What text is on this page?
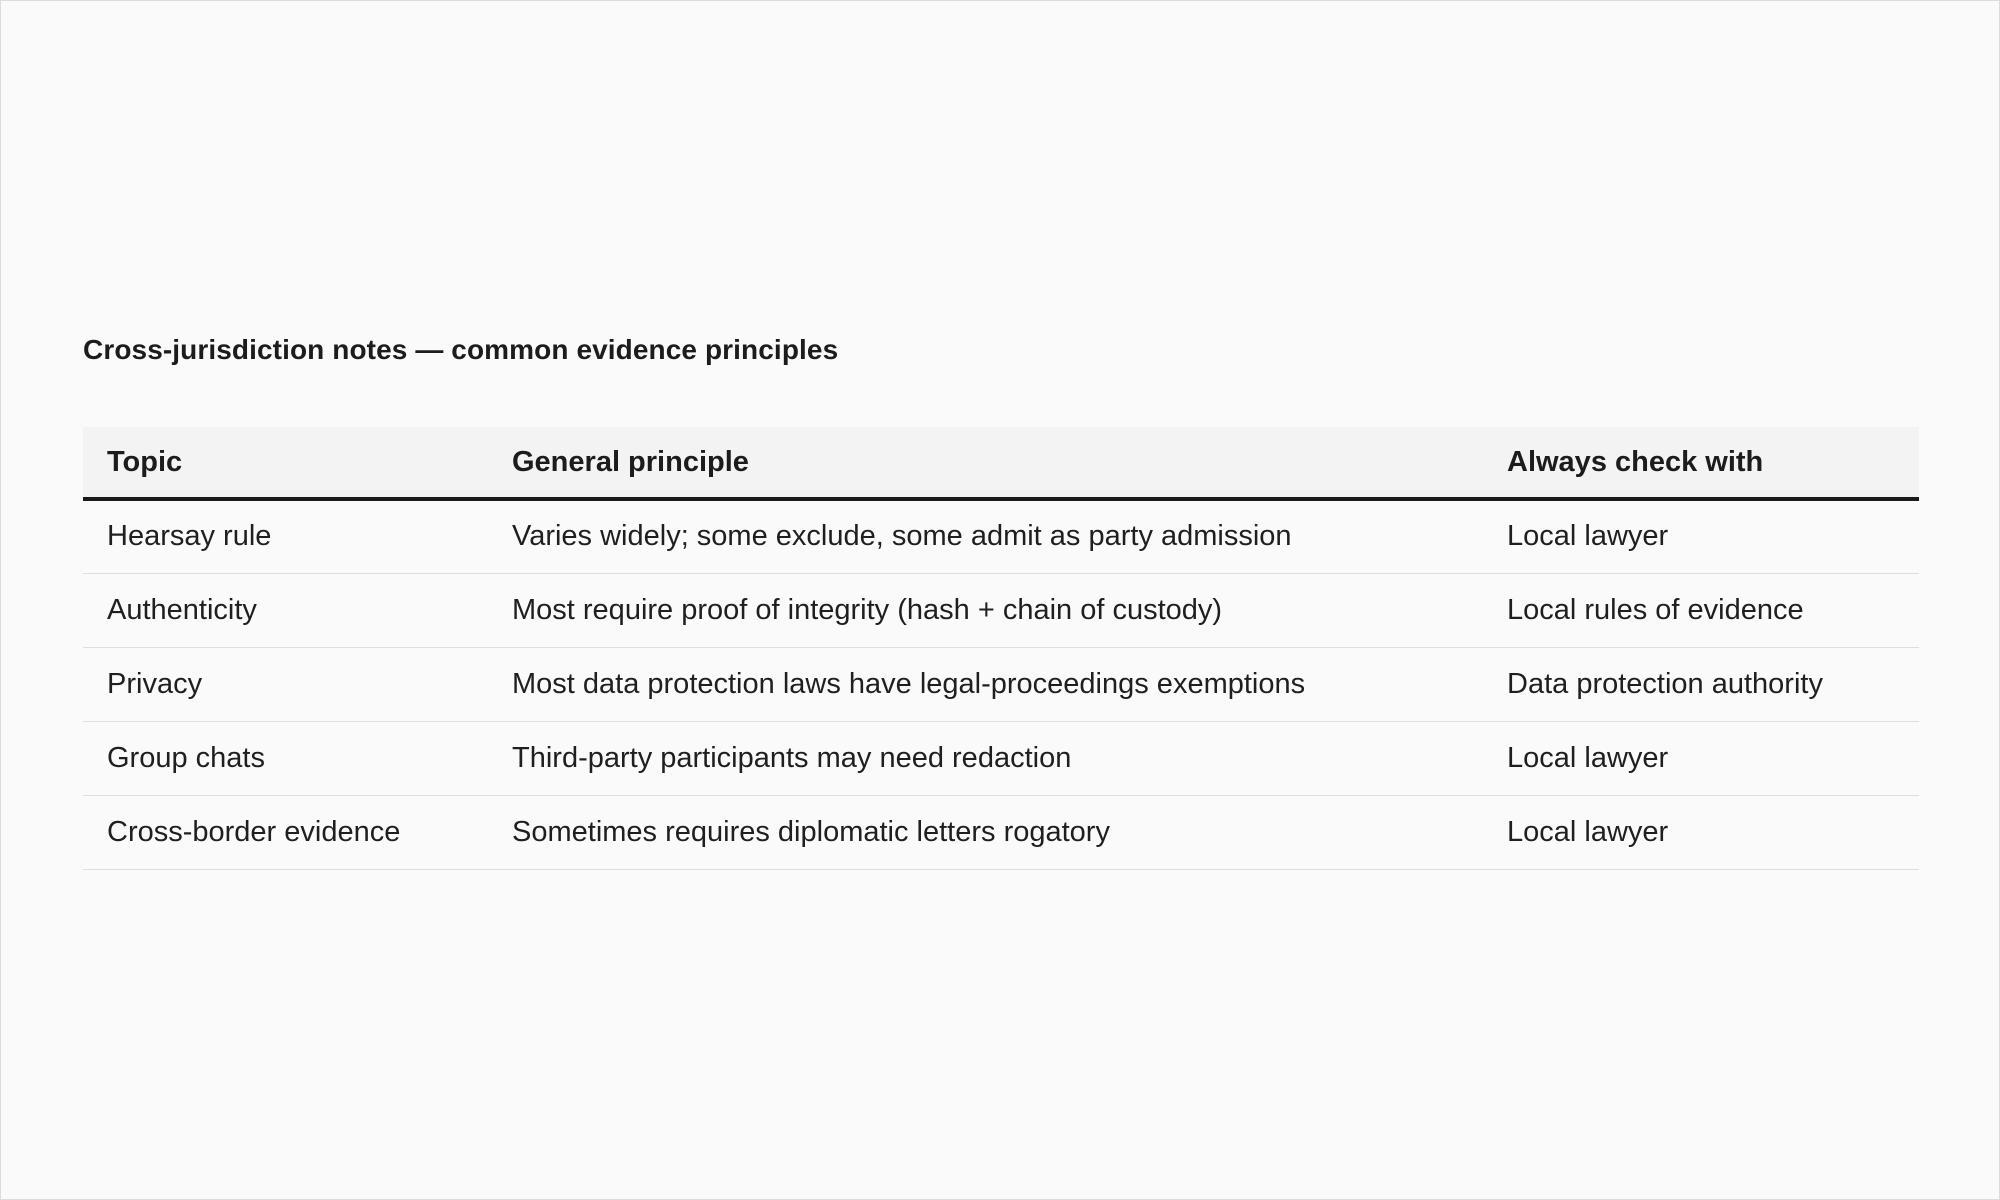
Cross-jurisdiction notes — common evidence principles
Topic	General principle	Always check with
Hearsay rule	Varies widely; some exclude, some admit as party admission	Local lawyer
Authenticity	Most require proof of integrity (hash + chain of custody)	Local rules of evidence
Privacy	Most data protection laws have legal-proceedings exemptions	Data protection authority
Group chats	Third-party participants may need redaction	Local lawyer
Cross-border evidence	Sometimes requires diplomatic letters rogatory	Local lawyer
